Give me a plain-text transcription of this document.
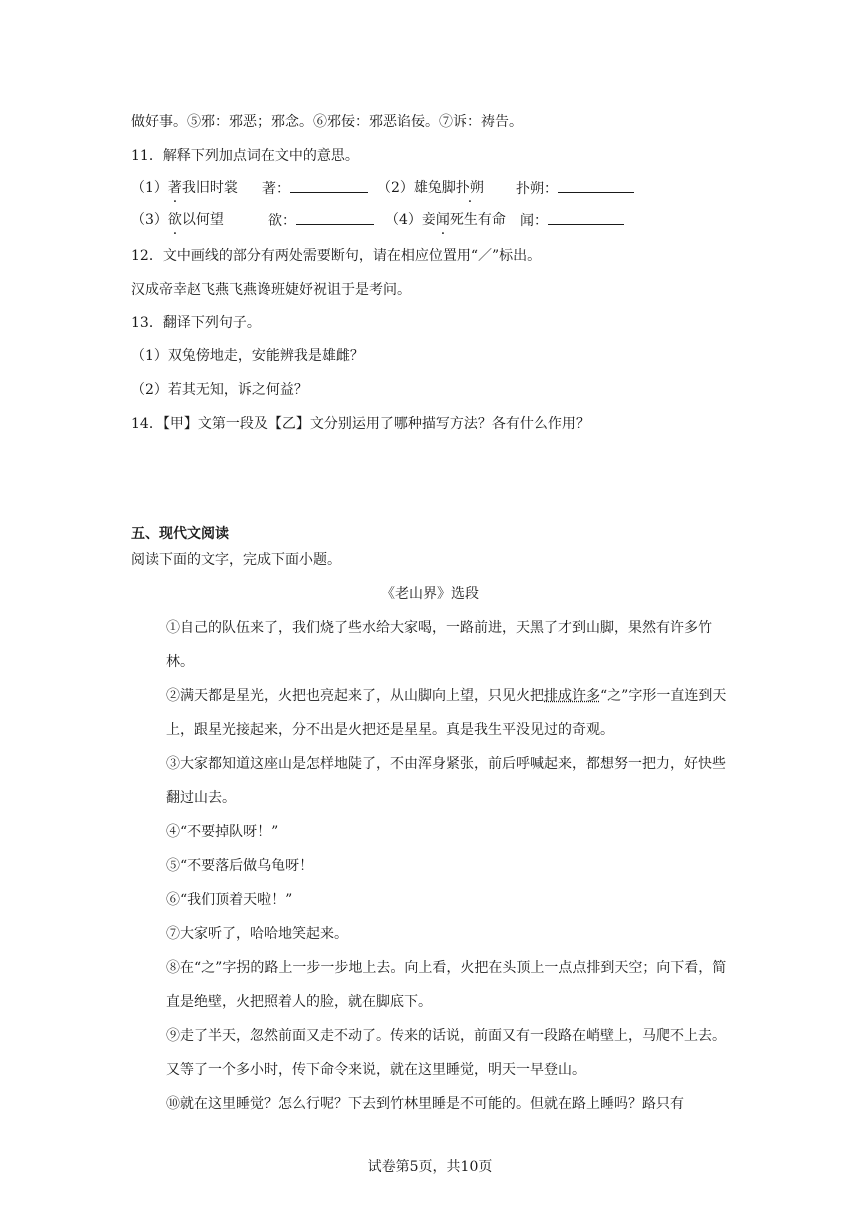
做好事。⑤邪：邪恶；邪念。⑥邪佞：邪恶谄佞。⑦诉：祷告。
11．解释下列加点词在文中的意思。
（1）著我旧时裳 著：	（2）雄兔脚扑朔 扑朔：
（3）欲以何望	欲：	（4）妾闻死生有命 闻：
12．文中画线的部分有两处需要断句，请在相应位置用“／”标出。
汉成帝幸赵飞燕飞燕谗班婕妤祝诅于是考问。
13．翻译下列句子。
（1）双兔傍地走，安能辨我是雄雌？
（2）若其无知，诉之何益？
14．【甲】文第一段及【乙】文分别运用了哪种描写方法？各有什么作用？
五、现代文阅读
阅读下面的文字，完成下面小题。
《老山界》选段
①自己的队伍来了，我们烧了些水给大家喝，一路前进，天黑了才到山脚，果然有许多竹林。
②满天都是星光，火把也亮起来了，从山脚向上望，只见火把排成许多“之”字形一直连到天上，跟星光接起来，分不出是火把还是星星。真是我生平没见过的奇观。
③大家都知道这座山是怎样地陡了，不由浑身紧张，前后呼喊起来，都想努一把力，好快些翻过山去。
④“不要掉队呀！”
⑤“不要落后做乌龟呀！
⑥“我们顶着天啦！”
⑦大家听了，哈哈地笑起来。
⑧在“之”字拐的路上一步一步地上去。向上看，火把在头顶上一点点排到天空；向下看，简直是绝壁，火把照着人的脸，就在脚底下。
⑨走了半天，忽然前面又走不动了。传来的话说，前面又有一段路在峭壁上，马爬不上去。又等了一个多小时，传下命令来说，就在这里睡觉，明天一早登山。
⑩就在这里睡觉？怎么行呢？下去到竹林里睡是不可能的。但就在路上睡吗？路只有
试卷第5页，共10页
